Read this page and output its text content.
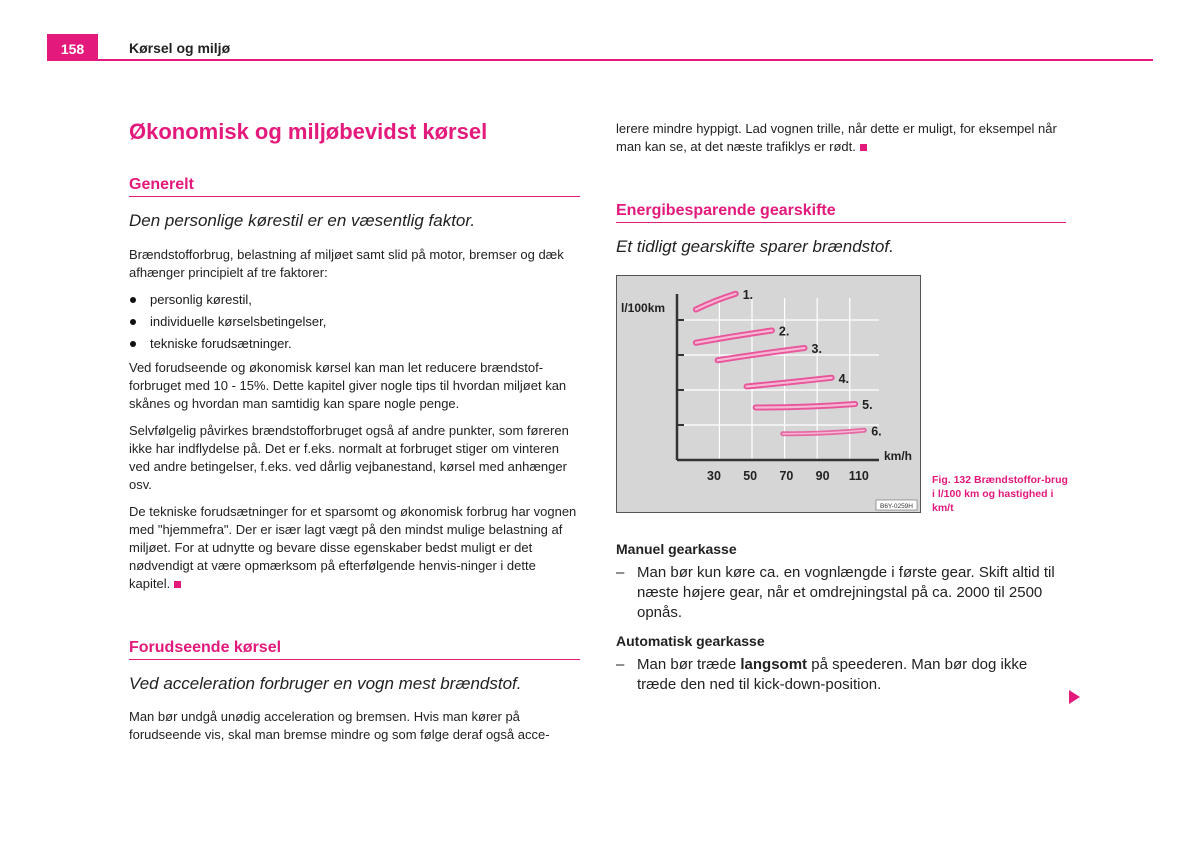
158	Kørsel og miljø
Økonomisk og miljøbevidst kørsel
Generelt
Den personlige kørestil er en væsentlig faktor.

Brændstofforbrug, belastning af miljøet samt slid på motor, bremser og dæk afhænger principielt af tre faktorer:

personlig kørestil,
individuelle kørselsbetingelser,
tekniske forudsætninger.

Ved forudseende og økonomisk kørsel kan man let reducere brændstof-forbruget med 10 - 15%. Dette kapitel giver nogle tips til hvordan miljøet kan skånes og hvordan man samtidig kan spare nogle penge.

Selvfølgelig påvirkes brændstofforbruget også af andre punkter, som føreren ikke har indflydelse på. Det er f.eks. normalt at forbruget stiger om vinteren ved andre betingelser, f.eks. ved dårlig vejbanestand, kørsel med anhænger osv.

De tekniske forudsætninger for et sparsomt og økonomisk forbrug har vognen med "hjemmefra". Der er især lagt vægt på den mindst mulige belastning af miljøet. For at udnytte og bevare disse egenskaber bedst muligt er det nødvendigt at være opmærksom på efterfølgende henvis-ninger i dette kapitel.

Forudseende kørsel
Ved acceleration forbruger en vogn mest brændstof.

Man bør undgå unødig acceleration og bremsen. Hvis man kører på forudseende vis, skal man bremse mindre og som følge deraf også acce-

lerere mindre hyppigt. Lad vognen trille, når dette er muligt, for eksempel når man kan se, at det næste trafiklys er rødt.

Energibesparende gearskifte
Et tidligt gearskifte sparer brændstof.
l/100km
km/h
30 50 70 90 110
1.
2.
3.
4.
5.
6.
B6Y-0259H
Manuel gearkasse
– Man bør kun køre ca. en vognlængde i første gear. Skift altid til næste højere gear, når et omdrejningstal på ca. 2000 til 2500 opnås.
Automatisk gearkasse
– Man bør træde langsomt på speederen. Man bør dog ikke træde den ned til kick-down-position.
Fig. 132 Brændstoffor-brug i l/100 km og hastighed i km/t
